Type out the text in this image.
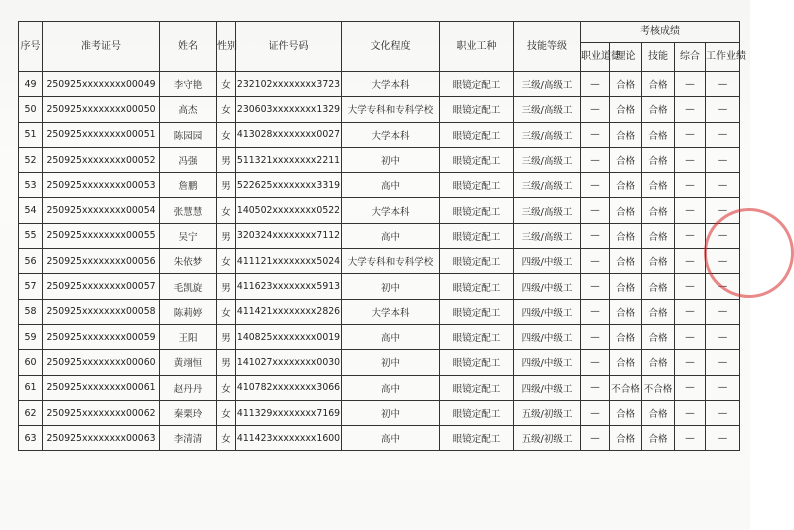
序号	准考证号	姓名	性别	证件号码	文化程度	职业工种	技能等级	考核成绩				
								职业道德	理论	技能	综合	工作业绩
49	250925xxxxxxxx00049	李守艳	女	232102xxxxxxxx3723	大学本科	眼镜定配工	三级/高级工	—	合格	合格	—	—
50	250925xxxxxxxx00050	高杰	女	230603xxxxxxxx1329	大学专科和专科学校	眼镜定配工	三级/高级工	—	合格	合格	—	—
51	250925xxxxxxxx00051	陈园园	女	413028xxxxxxxx0027	大学本科	眼镜定配工	三级/高级工	—	合格	合格	—	—
52	250925xxxxxxxx00052	冯强	男	511321xxxxxxxx2211	初中	眼镜定配工	三级/高级工	—	合格	合格	—	—
53	250925xxxxxxxx00053	詹鹏	男	522625xxxxxxxx3319	高中	眼镜定配工	三级/高级工	—	合格	合格	—	—
54	250925xxxxxxxx00054	张慧慧	女	140502xxxxxxxx0522	大学本科	眼镜定配工	三级/高级工	—	合格	合格	—	—
55	250925xxxxxxxx00055	吴宁	男	320324xxxxxxxx7112	高中	眼镜定配工	三级/高级工	—	合格	合格	—	—
56	250925xxxxxxxx00056	朱依梦	女	411121xxxxxxxx5024	大学专科和专科学校	眼镜定配工	四级/中级工	—	合格	合格	—	—
57	250925xxxxxxxx00057	毛凯旋	男	411623xxxxxxxx5913	初中	眼镜定配工	四级/中级工	—	合格	合格	—	—
58	250925xxxxxxxx00058	陈莉婷	女	411421xxxxxxxx2826	大学本科	眼镜定配工	四级/中级工	—	合格	合格	—	—
59	250925xxxxxxxx00059	王阳	男	140825xxxxxxxx0019	高中	眼镜定配工	四级/中级工	—	合格	合格	—	—
60	250925xxxxxxxx00060	黄翊恒	男	141027xxxxxxxx0030	初中	眼镜定配工	四级/中级工	—	合格	合格	—	—
61	250925xxxxxxxx00061	赵丹丹	女	410782xxxxxxxx3066	高中	眼镜定配工	四级/中级工	—	不合格	不合格	—	—
62	250925xxxxxxxx00062	秦栗玲	女	411329xxxxxxxx7169	初中	眼镜定配工	五级/初级工	—	合格	合格	—	—
63	250925xxxxxxxx00063	李清清	女	411423xxxxxxxx1600	高中	眼镜定配工	五级/初级工	—	合格	合格	—	—
